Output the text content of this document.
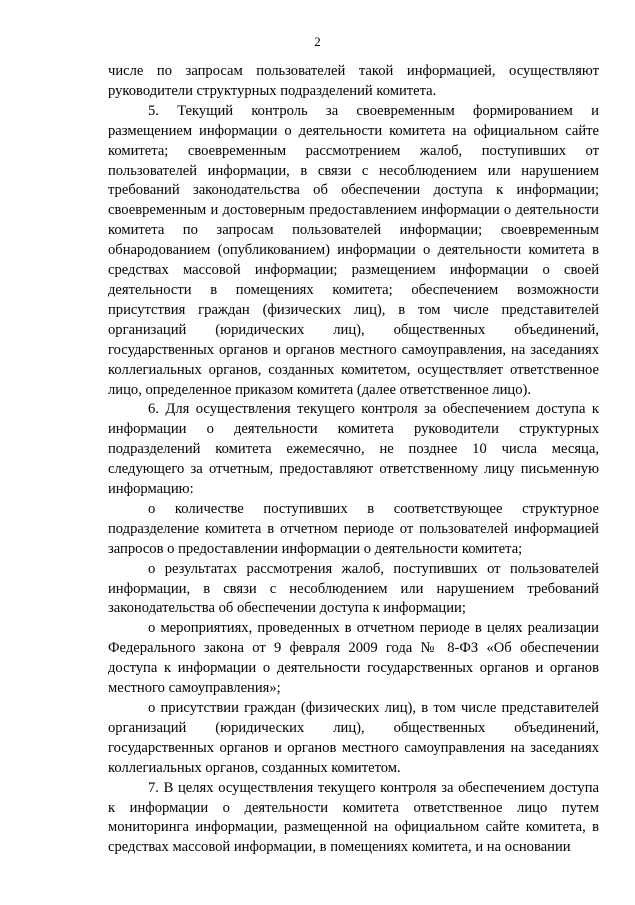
2

числе по запросам пользователей такой информацией, осуществляют руководители структурных подразделений комитета.

5. Текущий контроль за своевременным формированием и размещением информации о деятельности комитета на официальном сайте комитета; своевременным рассмотрением жалоб, поступивших от пользователей информации, в связи с несоблюдением или нарушением требований законодательства об обеспечении доступа к информации; своевременным и достоверным предоставлением информации о деятельности комитета по запросам пользователей информации; своевременным обнародованием (опубликованием) информации о деятельности комитета в средствах массовой информации; размещением информации о своей деятельности в помещениях комитета; обеспечением возможности присутствия граждан (физических лиц), в том числе представителей организаций (юридических лиц), общественных объединений, государственных органов и органов местного самоуправления, на заседаниях коллегиальных органов, созданных комитетом, осуществляет ответственное лицо, определенное приказом комитета (далее ответственное лицо).

6. Для осуществления текущего контроля за обеспечением доступа к информации о деятельности комитета руководители структурных подразделений комитета ежемесячно, не позднее 10 числа месяца, следующего за отчетным, предоставляют ответственному лицу письменную информацию:

о количестве поступивших в соответствующее структурное подразделение комитета в отчетном периоде от пользователей информацией запросов о предоставлении информации о деятельности комитета;

о результатах рассмотрения жалоб, поступивших от пользователей информации, в связи с несоблюдением или нарушением требований законодательства об обеспечении доступа к информации;

о мероприятиях, проведенных в отчетном периоде в целях реализации Федерального закона от 9 февраля 2009 года № 8-ФЗ «Об обеспечении доступа к информации о деятельности государственных органов и органов местного самоуправления»;

о присутствии граждан (физических лиц), в том числе представителей организаций (юридических лиц), общественных объединений, государственных органов и органов местного самоуправления на заседаниях коллегиальных органов, созданных комитетом.

7. В целях осуществления текущего контроля за обеспечением доступа к информации о деятельности комитета ответственное лицо путем мониторинга информации, размещенной на официальном сайте комитета, в средствах массовой информации, в помещениях комитета, и на основании
